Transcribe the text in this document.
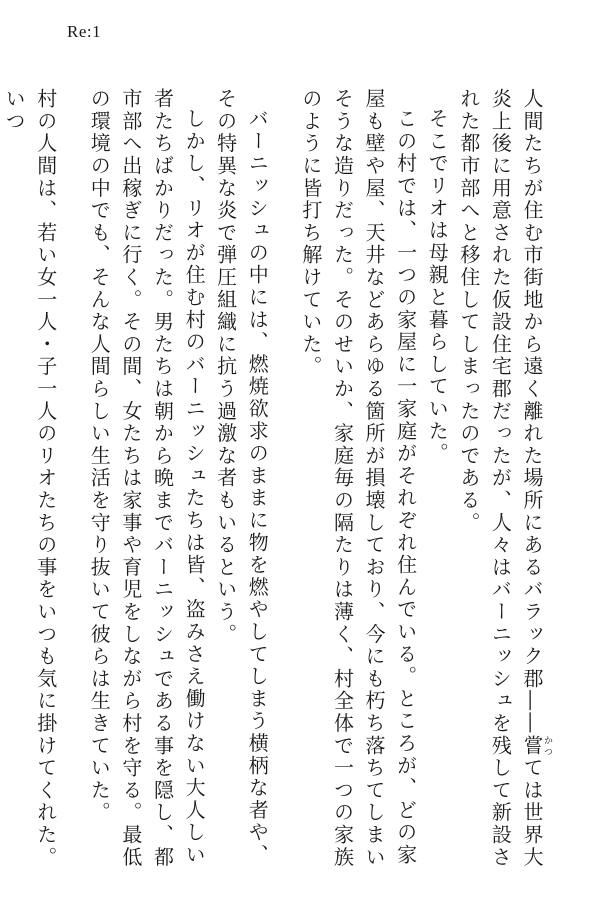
Re:1

人間たちが住む市街地から遠く離れた場所にあるバラック郡――嘗かつては世界大炎上後に用意された仮設住宅郡だったが、人々はバーニッシュを残して新設された都市部へと移住してしまったのである。

そこでリオは母親と暮らしていた。

この村では、一つの家屋に一家庭がそれぞれ住んでいる。ところが、どの家屋も壁や屋、天井などあらゆる箇所が損壊しており、今にも朽ち落ちてしまいそうな造りだった。そのせいか、家庭毎の隔たりは薄く、村全体で一つの家族のように皆打ち解けていた。

バーニッシュの中には、燃焼欲求のままに物を燃やしてしまう横柄な者や、その特異な炎で弾圧組織に抗う過激な者もいるという。

しかし、リオが住む村のバーニッシュたちは皆、盗みさえ働けない大人しい者たちばかりだった。男たちは朝から晩までバーニッシュである事を隠し、都市部へ出稼ぎに行く。その間、女たちは家事や育児をしながら村を守る。最低の環境の中でも、そんな人間らしい生活を守り抜いて彼らは生きていた。

村の人間は、若い女一人・子一人のリオたちの事をいつも気に掛けてくれた。いつ
